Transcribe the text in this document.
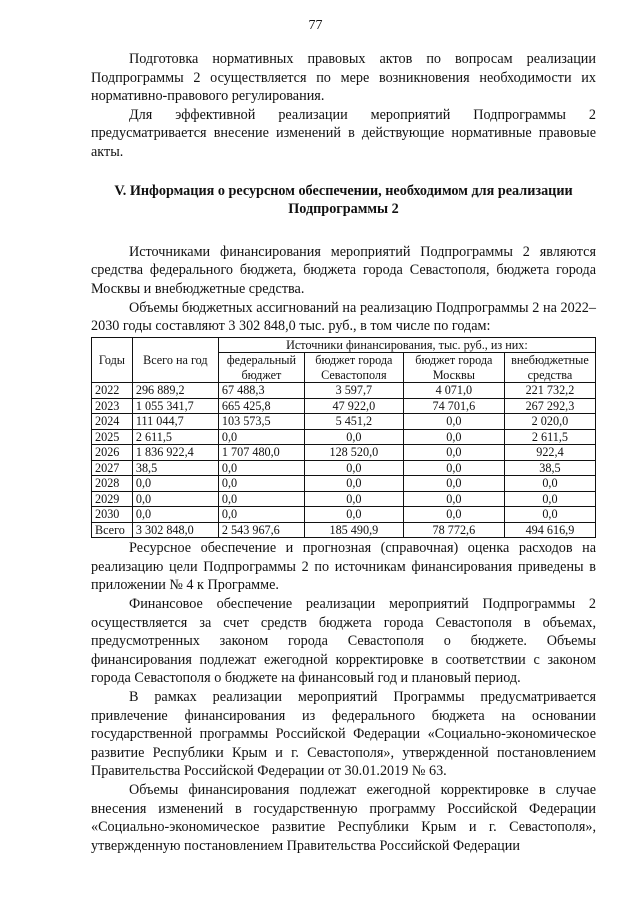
77

Подготовка нормативных правовых актов по вопросам реализации Подпрограммы 2 осуществляется по мере возникновения необходимости их нормативно-правового регулирования.

Для эффективной реализации мероприятий Подпрограммы 2 предусматривается внесение изменений в действующие нормативные правовые акты.

V. Информация о ресурсном обеспечении, необходимом для реализации Подпрограммы 2

Источниками финансирования мероприятий Подпрограммы 2 являются средства федерального бюджета, бюджета города Севастополя, бюджета города Москвы и внебюджетные средства.

Объемы бюджетных ассигнований на реализацию Подпрограммы 2 на 2022–2030 годы составляют 3 302 848,0 тыс. руб., в том числе по годам:

Годы	Всего на год	Источники финансирования, тыс. руб., из них:			
		федеральный бюджет	бюджет города Севастополя	бюджет города Москвы	внебюджетные средства
2022	296 889,2	67 488,3	3 597,7	4 071,0	221 732,2
2023	1 055 341,7	665 425,8	47 922,0	74 701,6	267 292,3
2024	111 044,7	103 573,5	5 451,2	0,0	2 020,0
2025	2 611,5	0,0	0,0	0,0	2 611,5
2026	1 836 922,4	1 707 480,0	128 520,0	0,0	922,4
2027	38,5	0,0	0,0	0,0	38,5
2028	0,0	0,0	0,0	0,0	0,0
2029	0,0	0,0	0,0	0,0	0,0
2030	0,0	0,0	0,0	0,0	0,0
Всего	3 302 848,0	2 543 967,6	185 490,9	78 772,6	494 616,9

Ресурсное обеспечение и прогнозная (справочная) оценка расходов на реализацию цели Подпрограммы 2 по источникам финансирования приведены в приложении № 4 к Программе.

Финансовое обеспечение реализации мероприятий Подпрограммы 2 осуществляется за счет средств бюджета города Севастополя в объемах, предусмотренных законом города Севастополя о бюджете. Объемы финансирования подлежат ежегодной корректировке в соответствии с законом города Севастополя о бюджете на финансовый год и плановый период.

В рамках реализации мероприятий Программы предусматривается привлечение финансирования из федерального бюджета на основании государственной программы Российской Федерации «Социально-экономическое развитие Республики Крым и г. Севастополя», утвержденной постановлением Правительства Российской Федерации от 30.01.2019 № 63.

Объемы финансирования подлежат ежегодной корректировке в случае внесения изменений в государственную программу Российской Федерации «Социально-экономическое развитие Республики Крым и г. Севастополя», утвержденную постановлением Правительства Российской Федерации
